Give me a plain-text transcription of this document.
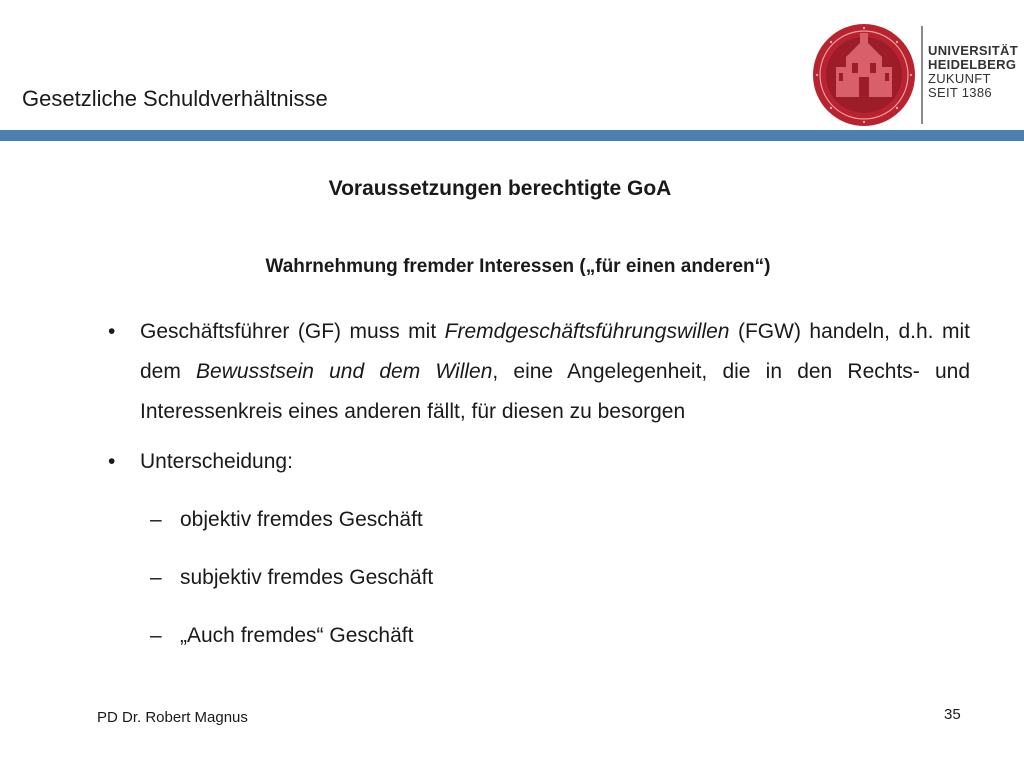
Gesetzliche Schuldverhältnisse
UNIVERSITÄT
HEIDELBERG
ZUKUNFT
SEIT 1386
Voraussetzungen berechtigte GoA
Wahrnehmung fremder Interessen („für einen anderen“)
• Geschäftsführer (GF) muss mit Fremdgeschäftsführungswillen (FGW) handeln, d.h. mit dem Bewusstsein und dem Willen, eine Angelegenheit, die in den Rechts- und Interessenkreis eines anderen fällt, für diesen zu besorgen
• Unterscheidung:
– objektiv fremdes Geschäft
– subjektiv fremdes Geschäft
– „Auch fremdes“ Geschäft
PD Dr. Robert Magnus	35
